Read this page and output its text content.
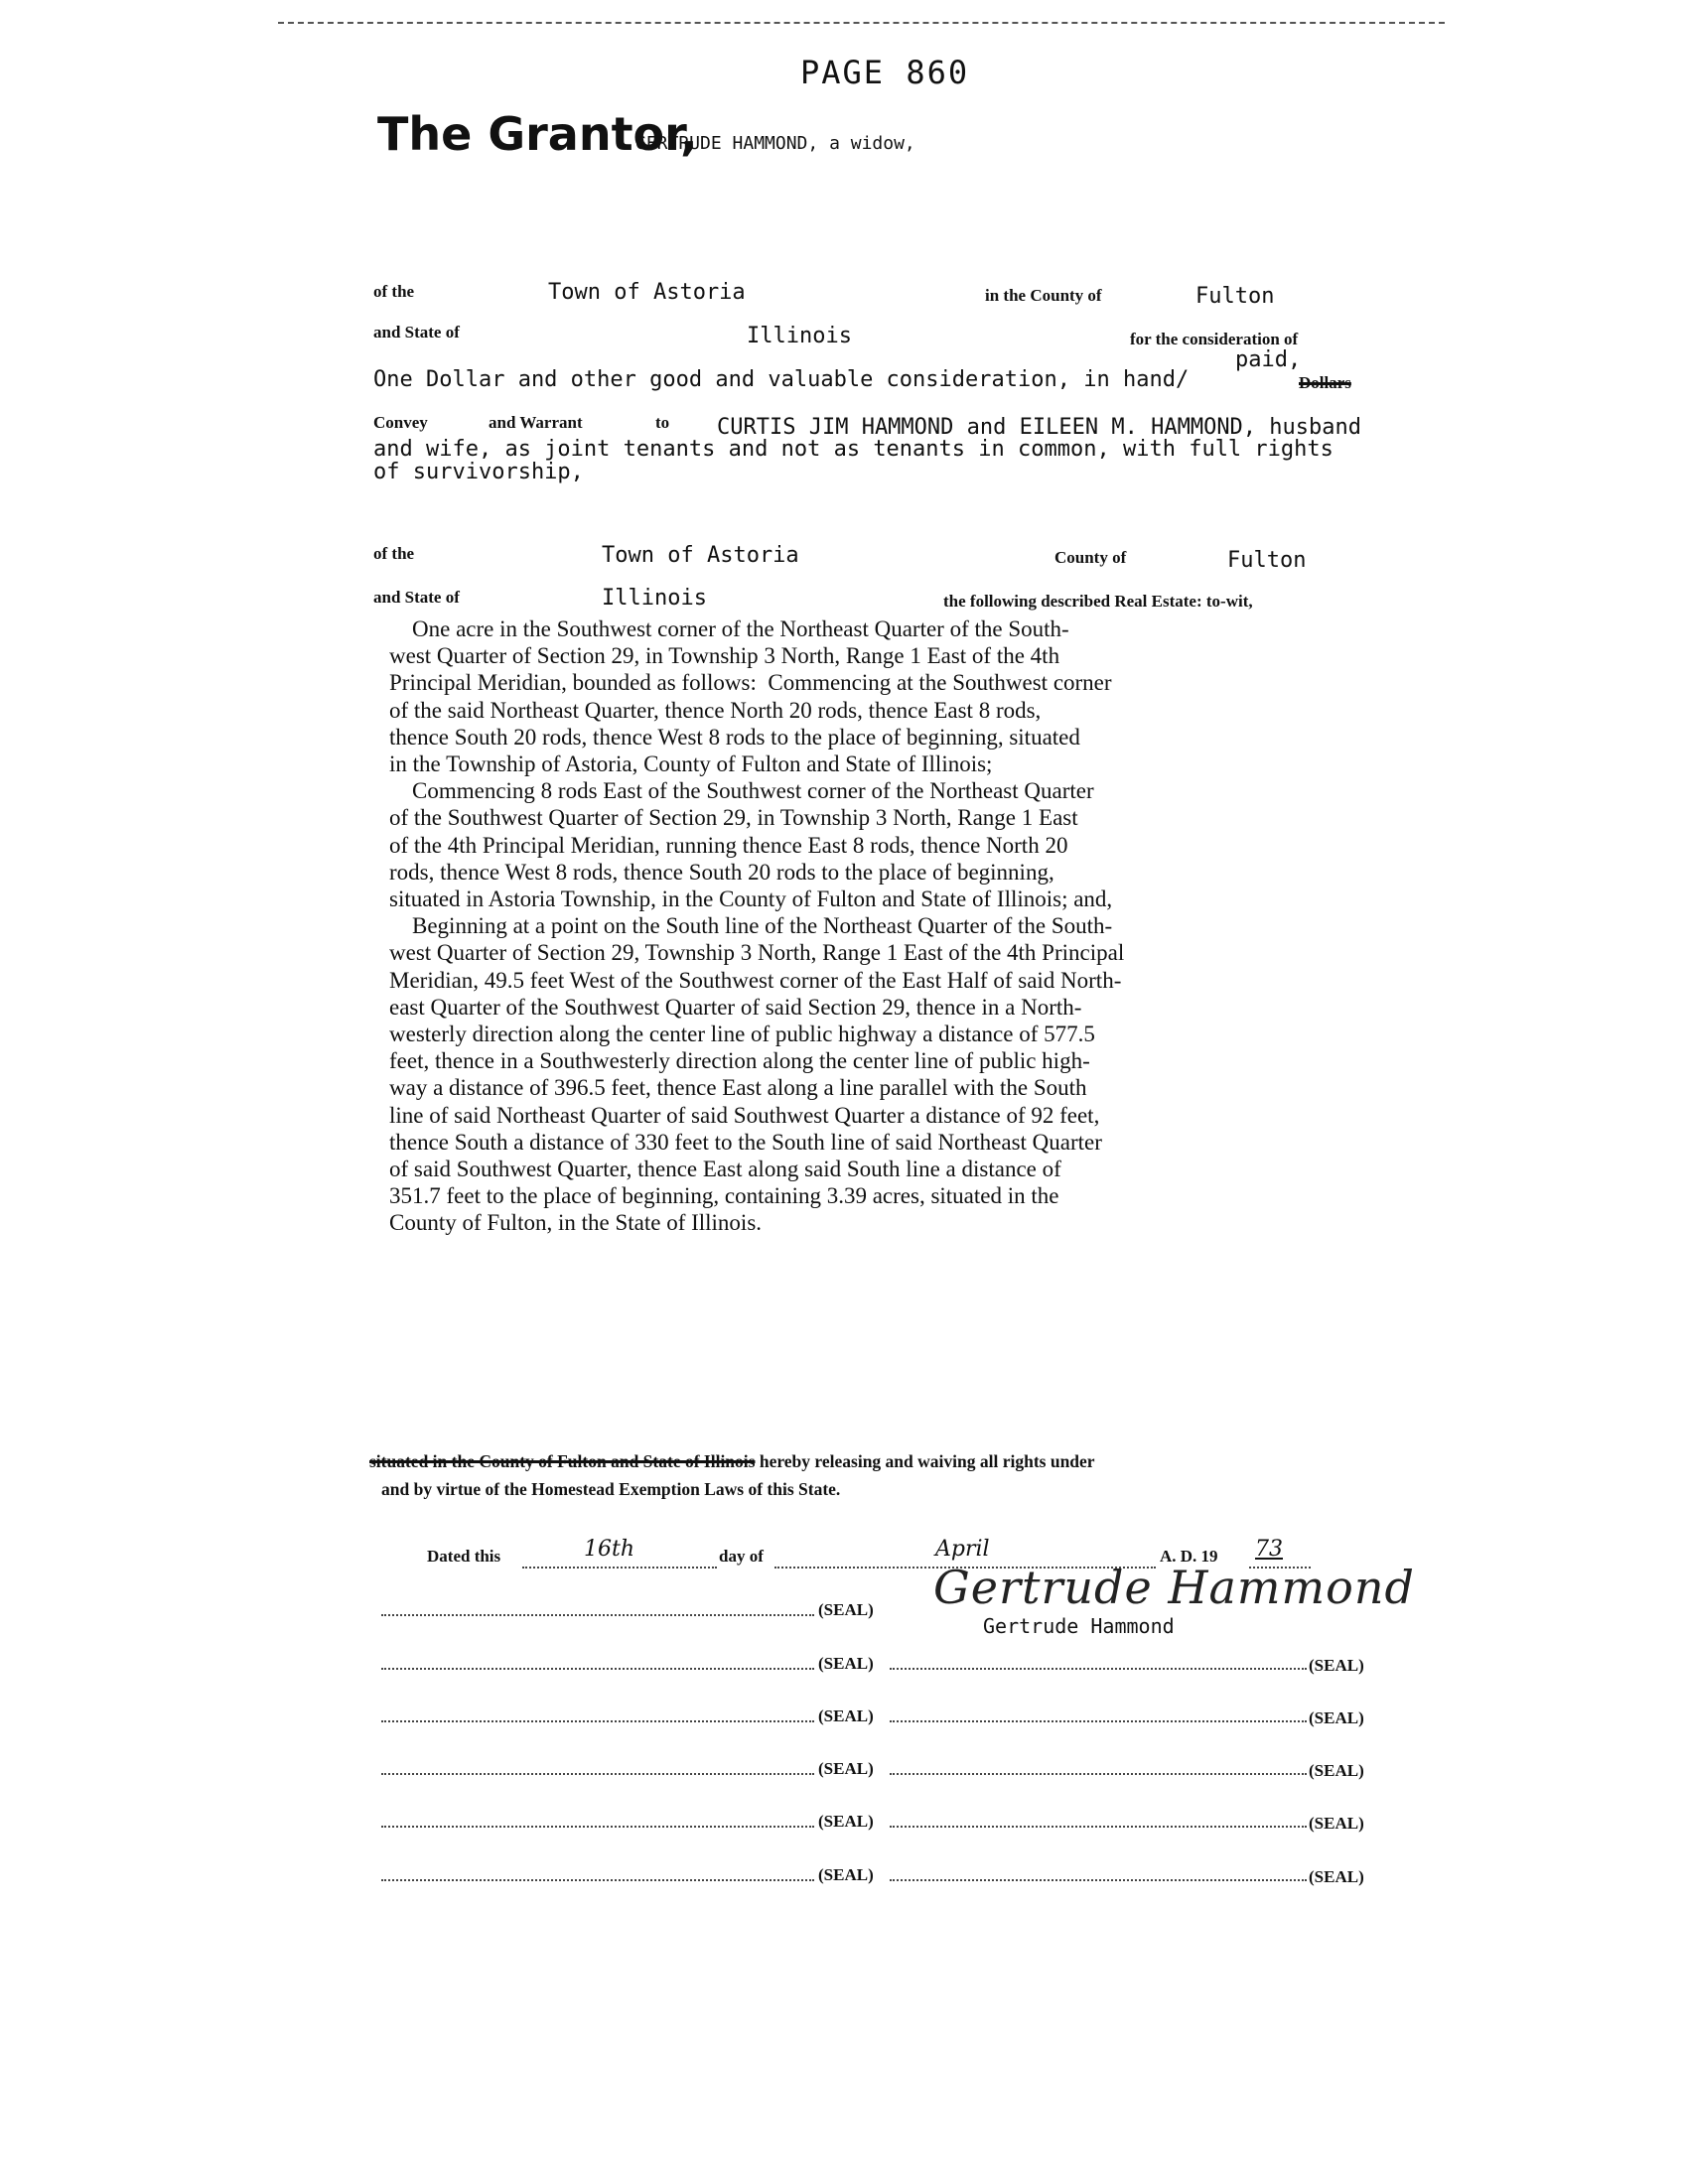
PAGE 860
The Grantor,
GERTRUDE HAMMOND, a widow,
of the	Town of Astoria	in the County of	Fulton
and State of	Illinois	for the consideration of
paid,
One Dollar and other good and valuable consideration, in hand/	Dollars
Convey	and Warrant	to CURTIS JIM HAMMOND and EILEEN M. HAMMOND, husband
and wife, as joint tenants and not as tenants in common, with full rights
of survivorship,
of the	Town of Astoria	County of	Fulton
and State of	Illinois	the following described Real Estate: to-wit,
One acre in the Southwest corner of the Northeast Quarter of the South-
west Quarter of Section 29, in Township 3 North, Range 1 East of the 4th
Principal Meridian, bounded as follows:  Commencing at the Southwest corner
of the said Northeast Quarter, thence North 20 rods, thence East 8 rods,
thence South 20 rods, thence West 8 rods to the place of beginning, situated
in the Township of Astoria, County of Fulton and State of Illinois;
Commencing 8 rods East of the Southwest corner of the Northeast Quarter
of the Southwest Quarter of Section 29, in Township 3 North, Range 1 East
of the 4th Principal Meridian, running thence East 8 rods, thence North 20
rods, thence West 8 rods, thence South 20 rods to the place of beginning,
situated in Astoria Township, in the County of Fulton and State of Illinois; and,
Beginning at a point on the South line of the Northeast Quarter of the South-
west Quarter of Section 29, Township 3 North, Range 1 East of the 4th Principal
Meridian, 49.5 feet West of the Southwest corner of the East Half of said North-
east Quarter of the Southwest Quarter of said Section 29, thence in a North-
westerly direction along the center line of public highway a distance of 577.5
feet, thence in a Southwesterly direction along the center line of public high-
way a distance of 396.5 feet, thence East along a line parallel with the South
line of said Northeast Quarter of said Southwest Quarter a distance of 92 feet,
thence South a distance of 330 feet to the South line of said Northeast Quarter
of said Southwest Quarter, thence East along said South line a distance of
351.7 feet to the place of beginning, containing 3.39 acres, situated in the
County of Fulton, in the State of Illinois.
situated in the County of Fulton and State of Illinois hereby releasing and waiving all rights under
and by virtue of the Homestead Exemption Laws of this State.
Dated this	16th	day of	April	A. D. 19 73
(SEAL) Gertrude Hammond
Gertrude Hammond
(SEAL)	(SEAL)
(SEAL)	(SEAL)
(SEAL)	(SEAL)
(SEAL)	(SEAL)
(SEAL)	(SEAL)
